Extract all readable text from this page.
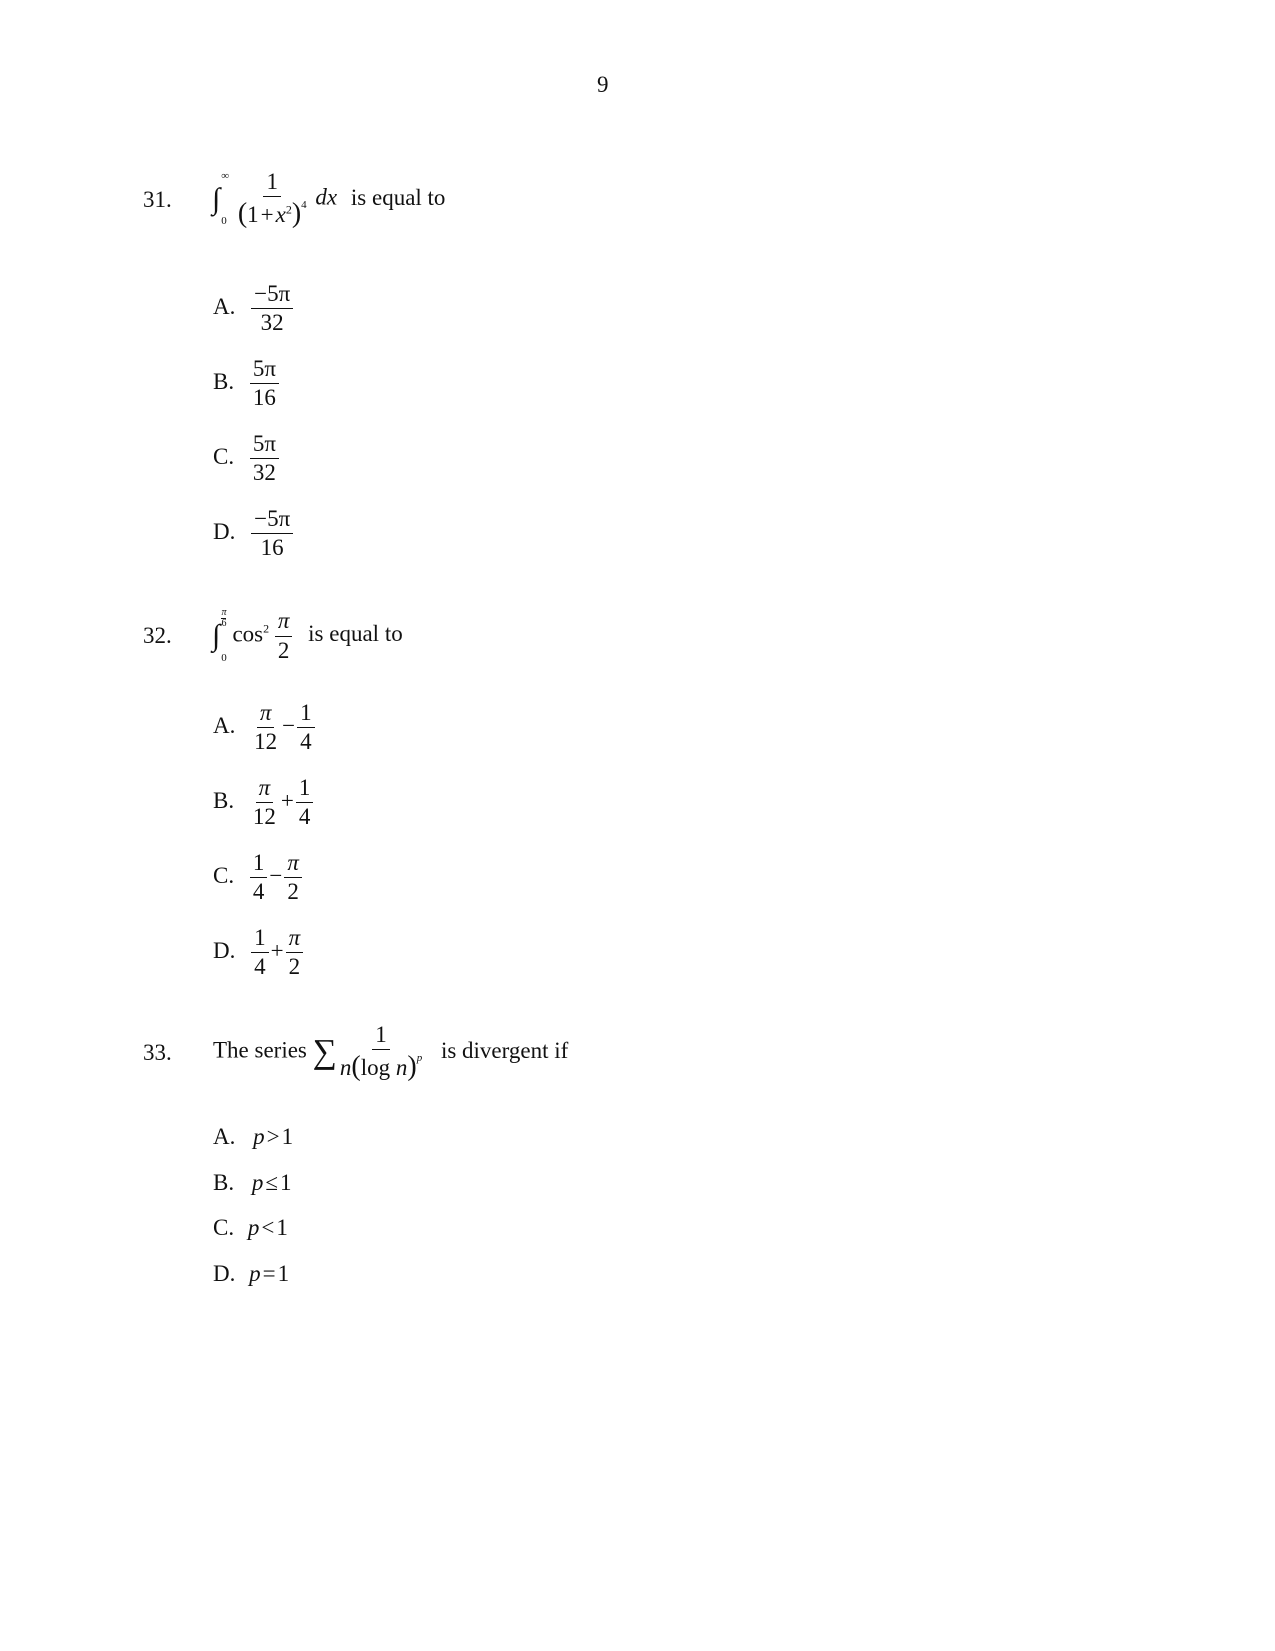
9
31. ∫
∞
0
$\frac{1}{(1+x^2)^4}$ dx is equal to
A. $\frac{-5\pi}{32}$
B. $\frac{5\pi}{16}$
C. $\frac{5\pi}{32}$
D. $\frac{-5\pi}{16}$
32. ∫
π
6
0
$\cos^2 \frac{\pi}{2}$ is equal to
A. $\frac{\pi}{12} - \frac{1}{4}$
B. $\frac{\pi}{12} + \frac{1}{4}$
C. $\frac{1}{4} - \frac{\pi}{2}$
D. $\frac{1}{4} + \frac{\pi}{2}$
33. The series ∑ $\frac{1}{n(\log n)^p}$ is divergent if
A. p>1
B. p≤1
C. p<1
D. p=1
